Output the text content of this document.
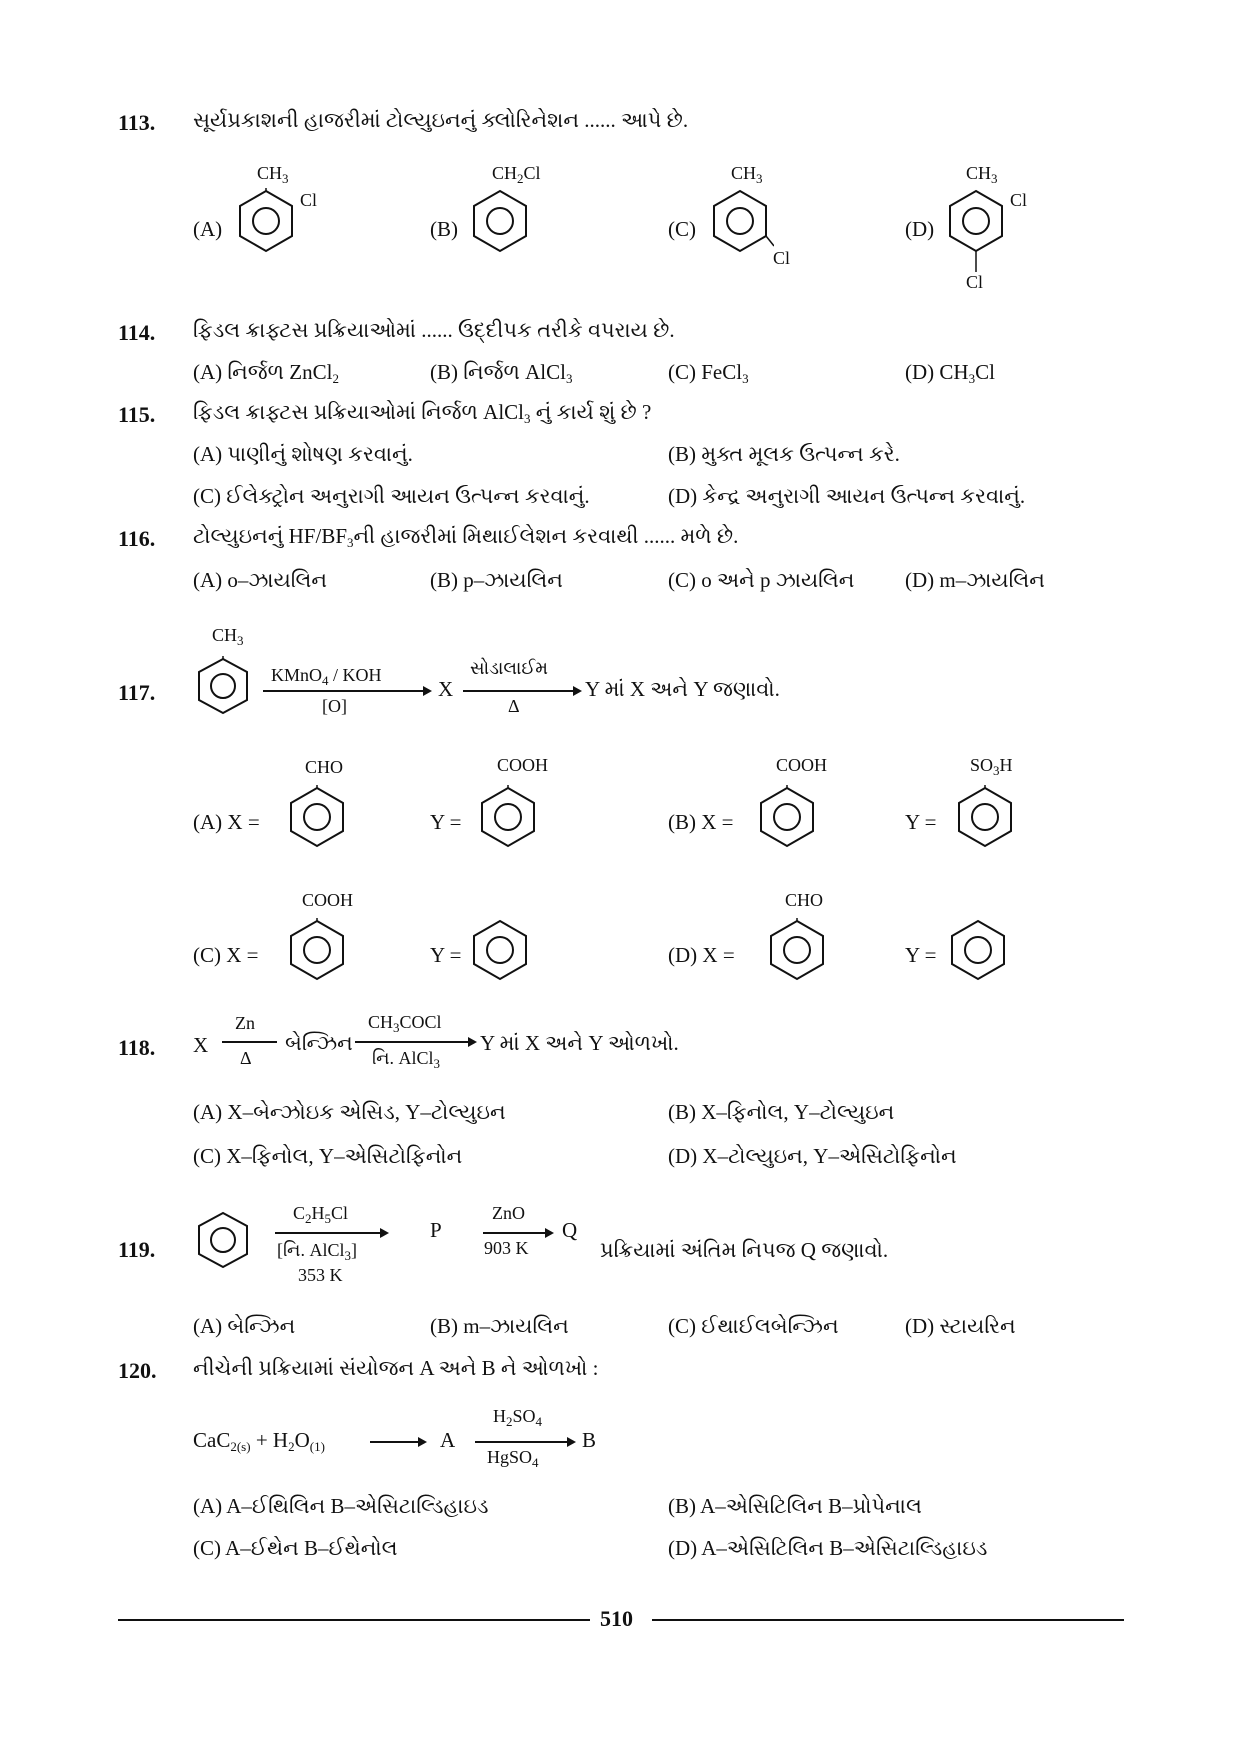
113. સૂર્યપ્રકાશની હાજરીમાં ટોલ્યુઇનનું ક્લોરિનેશન ...... આપે છે.
(A)
$CH_3$
Cl
(B)
$CH_2Cl$
(C)
$CH_3$
Cl
(D)
$CH_3$
Cl
Cl
114. ફિડલ ક્રાફ્ટસ પ્રક્રિયાઓમાં ...... ઉદ્દીપક તરીકે વપરાય છે.
(A) નિર્જળ ZnCl$_2$	(B) નિર્જળ AlCl$_3$	(C) FeCl$_3$	(D) $CH_3Cl$
115. ફિડલ ક્રાફ્ટસ પ્રક્રિયાઓમાં નિર્જળ AlCl$_3$ નું કાર્ય શું છે ?
(A) પાણીનું શોષણ કરવાનું.	(B) મુક્ત મૂલક ઉત્પન્ન કરે.
(C) ઈલેક્ટ્રોન અનુરાગી આયન ઉત્પન્ન કરવાનું.	(D) કેન્દ્ર અનુરાગી આયન ઉત્પન્ન કરવાનું.
116. ટોલ્યુઇનનું $HF/BF_3ની$ હાજરીમાં મિથાઈલેશન કરવાથી ...... મળે છે.
(A) o–ઝાયલિન	(B) p–ઝાયલિન	(C) o અને p ઝાયલિન (D) m–ઝાયલિન
117.
$CH_3$
KMnO$_4$ / KOH
[O]
X
સોડાલાઈમ
Δ
Y માં X અને Y જણાવો.
(A) X =
CHO
Y =
COOH
(B) X =
COOH
Y =
$SO_3H$
(C) X =
COOH
Y =	(D) X =
CHO
Y =
118. X
Zn
Δ
બેન્ઝિન
$CH_3COCl$
નિ. AlCl$_3$
Y માં X અને Y ઓળખો.
(A) X–બેન્ઝોઇક એસિડ, Y–ટોલ્યુઇન	(B) X–ફિનોલ, Y–ટોલ્યુઇન
(C) X–ફિનોલ, Y–એસિટોફિનોન	(D) X–ટોલ્યુઇન, Y–એસિટોફિનોન
119.
$C_2H_5Cl$
[નિ. AlCl$_3$]
353 K
P
ZnO
903 K
Q
પ્રક્રિયામાં અંતિમ નિપજ Q જણાવો.
(A) બેન્ઝિન	(B) m–ઝાયલિન	(C) ઈથાઈલબેન્ઝિન	(D) સ્ટાયરિન
120. નીચેની પ્રક્રિયામાં સંયોજન A અને B ને ઓળખો :
$CaC_{2(s)} + H_2O_{(1)}$	A
$H_2SO_4$
HgSO$_4$
B
(A) A–ઈથિલિન B–એસિટાલ્ડિહાઇડ	(B) A–એસિટિલિન B–પ્રોપેનાલ
(C) A–ઈથેન B–ઈથેનોલ	(D) A–એસિટિલિન B–એસિટાલ્ડિહાઇડ
510
